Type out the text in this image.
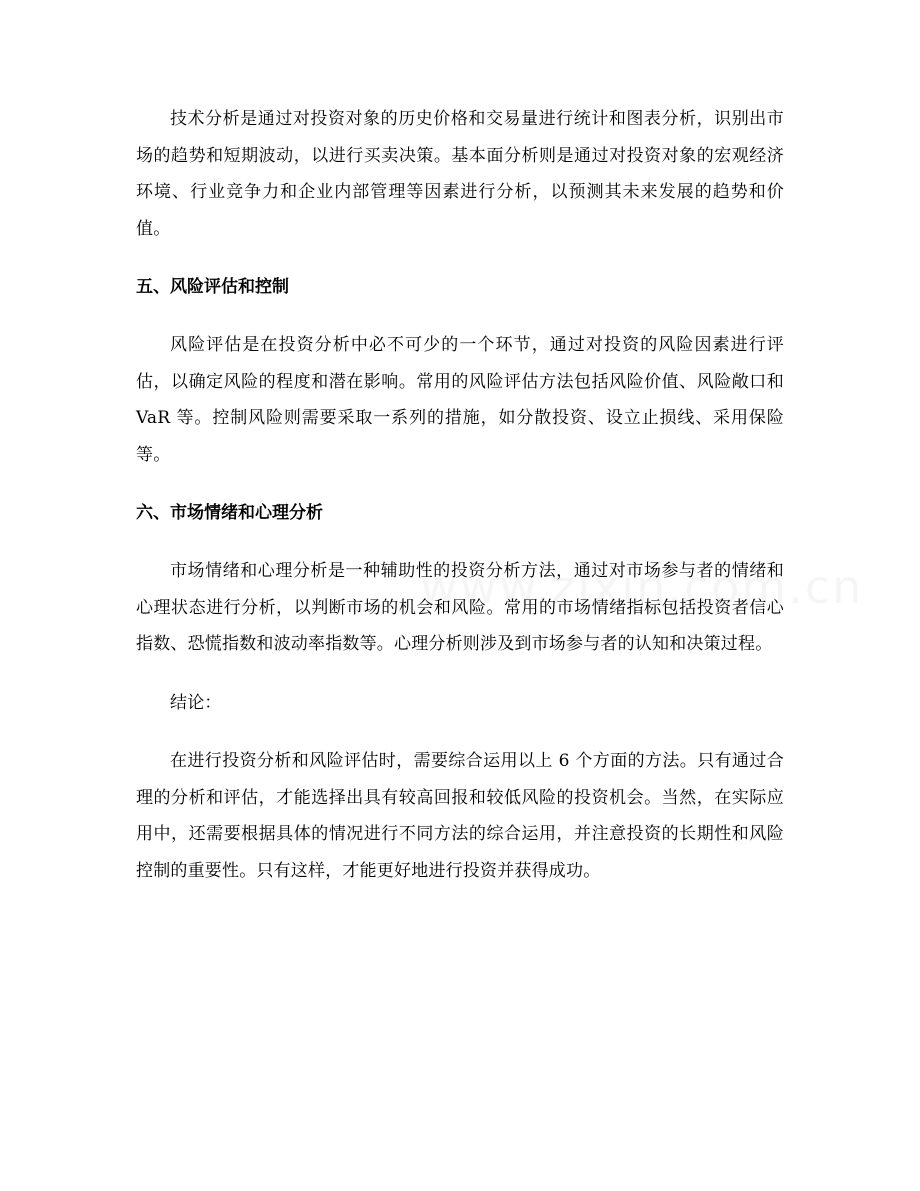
技术分析是通过对投资对象的历史价格和交易量进行统计和图表分析，识别出市场的趋势和短期波动，以进行买卖决策。基本面分析则是通过对投资对象的宏观经济环境、行业竞争力和企业内部管理等因素进行分析，以预测其未来发展的趋势和价值。

五、风险评估和控制

风险评估是在投资分析中必不可少的一个环节，通过对投资的风险因素进行评估，以确定风险的程度和潜在影响。常用的风险评估方法包括风险价值、风险敞口和 VaR 等。控制风险则需要采取一系列的措施，如分散投资、设立止损线、采用保险等。

六、市场情绪和心理分析

市场情绪和心理分析是一种辅助性的投资分析方法，通过对市场参与者的情绪和心理状态进行分析，以判断市场的机会和风险。常用的市场情绪指标包括投资者信心指数、恐慌指数和波动率指数等。心理分析则涉及到市场参与者的认知和决策过程。

结论：

在进行投资分析和风险评估时，需要综合运用以上 6 个方面的方法。只有通过合理的分析和评估，才能选择出具有较高回报和较低风险的投资机会。当然，在实际应用中，还需要根据具体的情况进行不同方法的综合运用，并注意投资的长期性和风险控制的重要性。只有这样，才能更好地进行投资并获得成功。
